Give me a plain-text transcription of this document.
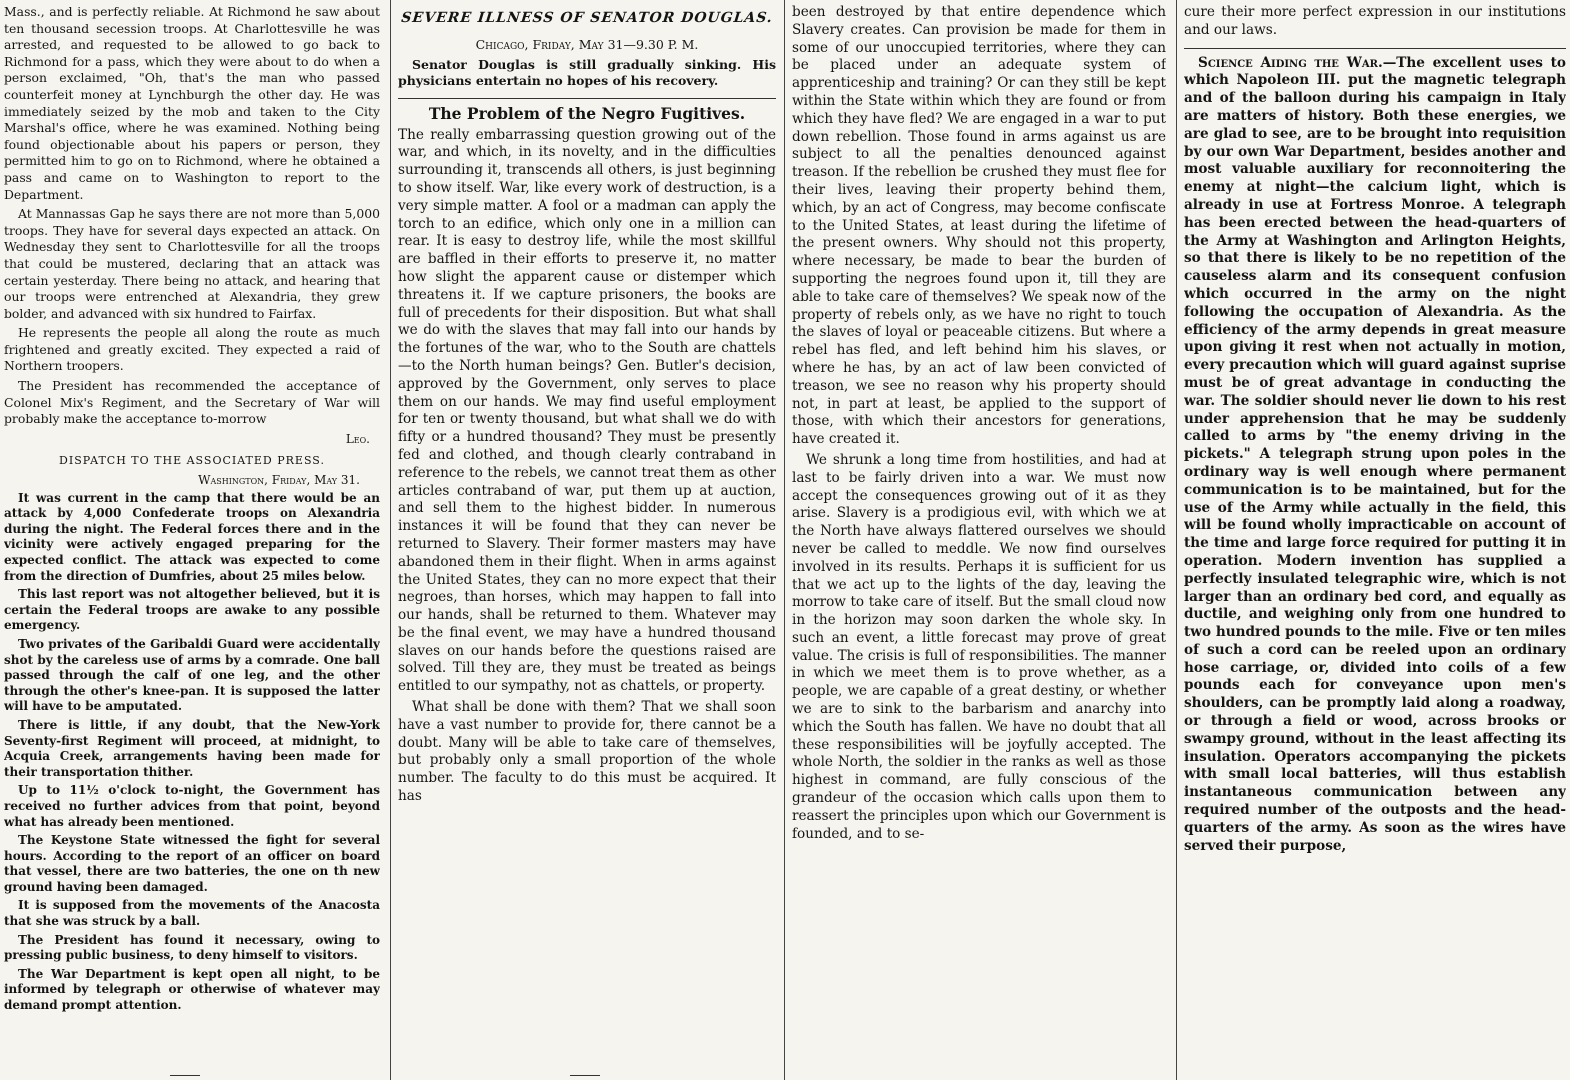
Mass., and is perfectly reliable. At Richmond he saw about ten thousand secession troops. At Charlottesville he was arrested, and requested to be allowed to go back to Richmond for a pass, which they were about to do when a person exclaimed, "Oh, that's the man who passed counterfeit money at Lynchburgh the other day. He was immediately seized by the mob and taken to the City Marshal's office, where he was examined. Nothing being found objectionable about his papers or person, they permitted him to go on to Richmond, where he obtained a pass and came on to Washington to report to the Department.

At Mannassas Gap he says there are not more than 5,000 troops. They have for several days expected an attack. On Wednesday they sent to Charlottesville for all the troops that could be mustered, declaring that an attack was certain yesterday. There being no attack, and hearing that our troops were entrenched at Alexandria, they grew bolder, and advanced with six hundred to Fairfax.

He represents the people all along the route as much frightened and greatly excited. They expected a raid of Northern troopers.

The President has recommended the acceptance of Colonel Mix's Regiment, and the Secretary of War will probably make the acceptance to-morrow

Leo.
DISPATCH TO THE ASSOCIATED PRESS.
Washington, Friday, May 31.

It was current in the camp that there would be an attack by 4,000 Confederate troops on Alexandria during the night. The Federal forces there and in the vicinity were actively engaged preparing for the expected conflict. The attack was expected to come from the direction of Dumfries, about 25 miles below.

This last report was not altogether believed, but it is certain the Federal troops are awake to any possible emergency.

Two privates of the Garibaldi Guard were accidentally shot by the careless use of arms by a comrade. One ball passed through the calf of one leg, and the other through the other's knee-pan. It is supposed the latter will have to be amputated.

There is little, if any doubt, that the New-York Seventy-first Regiment will proceed, at midnight, to Acquia Creek, arrangements having been made for their transportation thither.

Up to 11½ o'clock to-night, the Government has received no further advices from that point, beyond what has already been mentioned.

The Keystone State witnessed the fight for several hours. According to the report of an officer on board that vessel, there are two batteries, the one on th new ground having been damaged.

It is supposed from the movements of the Anacosta that she was struck by a ball.

The President has found it necessary, owing to pressing public business, to deny himself to visitors.

The War Department is kept open all night, to be informed by telegraph or otherwise of whatever may demand prompt attention.

SEVERE ILLNESS OF SENATOR DOUGLAS.
Chicago, Friday, May 31—9.30 P. M.

Senator Douglas is still gradually sinking. His physicians entertain no hopes of his recovery.

The Problem of the Negro Fugitives.

The really embarrassing question growing out of the war, and which, in its novelty, and in the difficulties surrounding it, transcends all others, is just beginning to show itself. War, like every work of destruction, is a very simple matter. A fool or a madman can apply the torch to an edifice, which only one in a million can rear. It is easy to destroy life, while the most skillful are baffled in their efforts to preserve it, no matter how slight the apparent cause or distemper which threatens it. If we capture prisoners, the books are full of precedents for their disposition. But what shall we do with the slaves that may fall into our hands by the fortunes of the war, who to the South are chattels—to the North human beings? Gen. Butler's decision, approved by the Government, only serves to place them on our hands. We may find useful employment for ten or twenty thousand, but what shall we do with fifty or a hundred thousand? They must be presently fed and clothed, and though clearly contraband in reference to the rebels, we cannot treat them as other articles contraband of war, put them up at auction, and sell them to the highest bidder. In numerous instances it will be found that they can never be returned to Slavery. Their former masters may have abandoned them in their flight. When in arms against the United States, they can no more expect that their negroes, than horses, which may happen to fall into our hands, shall be returned to them. Whatever may be the final event, we may have a hundred thousand slaves on our hands before the questions raised are solved. Till they are, they must be treated as beings entitled to our sympathy, not as chattels, or property.

What shall be done with them? That we shall soon have a vast number to provide for, there cannot be a doubt. Many will be able to take care of themselves, but probably only a small proportion of the whole number. The faculty to do this must be acquired. It has

been destroyed by that entire dependence which Slavery creates. Can provision be made for them in some of our unoccupied territories, where they can be placed under an adequate system of apprenticeship and training? Or can they still be kept within the State within which they are found or from which they have fled? We are engaged in a war to put down rebellion. Those found in arms against us are subject to all the penalties denounced against treason. If the rebellion be crushed they must flee for their lives, leaving their property behind them, which, by an act of Congress, may become confiscate to the United States, at least during the lifetime of the present owners. Why should not this property, where necessary, be made to bear the burden of supporting the negroes found upon it, till they are able to take care of themselves? We speak now of the property of rebels only, as we have no right to touch the slaves of loyal or peaceable citizens. But where a rebel has fled, and left behind him his slaves, or where he has, by an act of law been convicted of treason, we see no reason why his property should not, in part at least, be applied to the support of those, with which their ancestors for generations, have created it.

We shrunk a long time from hostilities, and had at last to be fairly driven into a war. We must now accept the consequences growing out of it as they arise. Slavery is a prodigious evil, with which we at the North have always flattered ourselves we should never be called to meddle. We now find ourselves involved in its results. Perhaps it is sufficient for us that we act up to the lights of the day, leaving the morrow to take care of itself. But the small cloud now in the horizon may soon darken the whole sky. In such an event, a little forecast may prove of great value. The crisis is full of responsibilities. The manner in which we meet them is to prove whether, as a people, we are capable of a great destiny, or whether we are to sink to the barbarism and anarchy into which the South has fallen. We have no doubt that all these responsibilities will be joyfully accepted. The whole North, the soldier in the ranks as well as those highest in command, are fully conscious of the grandeur of the occasion which calls upon them to reassert the principles upon which our Government is founded, and to se-

cure their more perfect expression in our institutions and our laws.

Science Aiding the War.—The excellent uses to which Napoleon III. put the magnetic telegraph and of the balloon during his campaign in Italy are matters of history. Both these energies, we are glad to see, are to be brought into requisition by our own War Department, besides another and most valuable auxiliary for reconnoitering the enemy at night—the calcium light, which is already in use at Fortress Monroe. A telegraph has been erected between the head-quarters of the Army at Washington and Arlington Heights, so that there is likely to be no repetition of the causeless alarm and its consequent confusion which occurred in the army on the night following the occupation of Alexandria. As the efficiency of the army depends in great measure upon giving it rest when not actually in motion, every precaution which will guard against suprise must be of great advantage in conducting the war. The soldier should never lie down to his rest under apprehension that he may be suddenly called to arms by "the enemy driving in the pickets." A telegraph strung upon poles in the ordinary way is well enough where permanent communication is to be maintained, but for the use of the Army while actually in the field, this will be found wholly impracticable on account of the time and large force required for putting it in operation. Modern invention has supplied a perfectly insulated telegraphic wire, which is not larger than an ordinary bed cord, and equally as ductile, and weighing only from one hundred to two hundred pounds to the mile. Five or ten miles of such a cord can be reeled upon an ordinary hose carriage, or, divided into coils of a few pounds each for conveyance upon men's shoulders, can be promptly laid along a roadway, or through a field or wood, across brooks or swampy ground, without in the least affecting its insulation. Operators accompanying the pickets with small local batteries, will thus establish instantaneous communication between any required number of the outposts and the head-quarters of the army. As soon as the wires have served their purpose,
